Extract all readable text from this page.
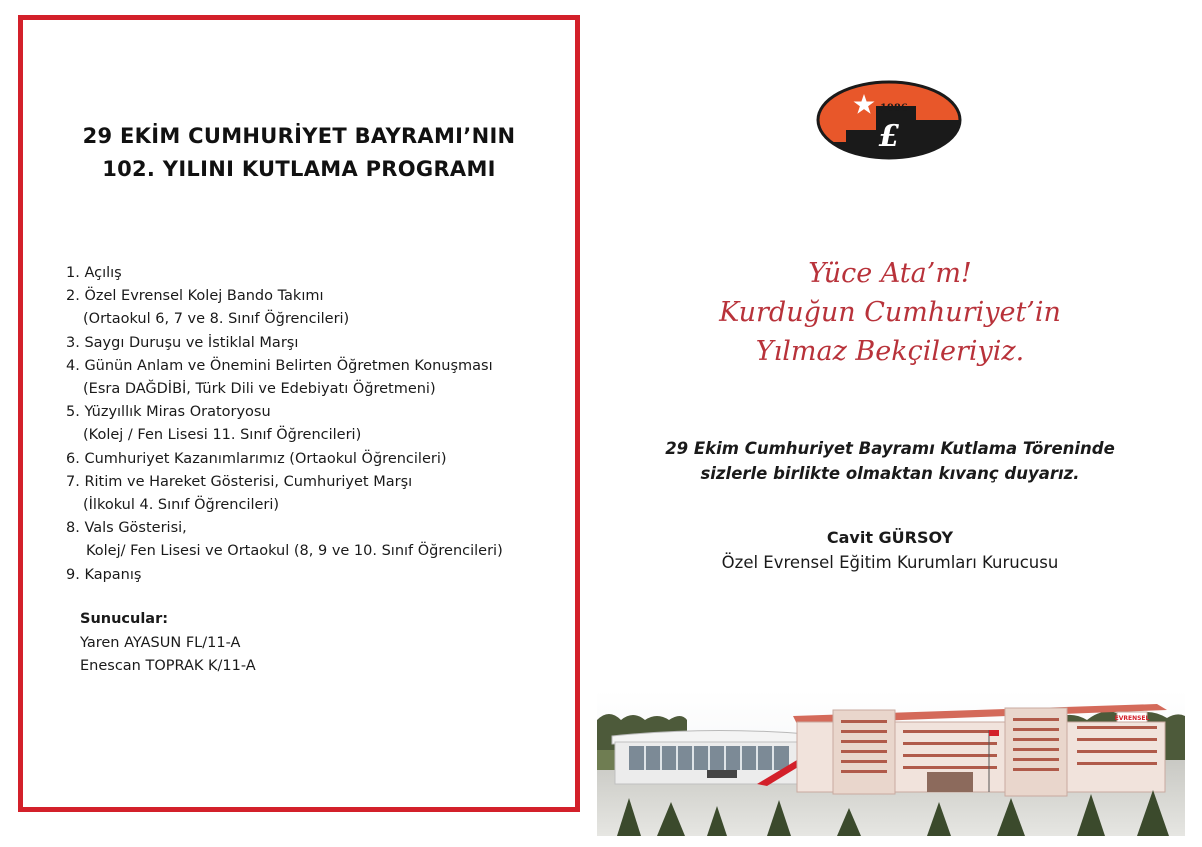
29 EKİM CUMHURİYET BAYRAMI’NIN
102. YILINI KUTLAMA PROGRAMI
1. Açılış
2. Özel Evrensel Kolej Bando Takımı
(Ortaokul 6, 7 ve 8. Sınıf Öğrencileri)
3. Saygı Duruşu ve İstiklal Marşı
4. Günün Anlam ve Önemini Belirten Öğretmen Konuşması
(Esra DAĞDİBİ, Türk Dili ve Edebiyatı Öğretmeni)
5. Yüzyıllık Miras Oratoryosu
(Kolej / Fen Lisesi 11. Sınıf Öğrencileri)
6. Cumhuriyet Kazanımlarımız (Ortaokul Öğrencileri)
7. Ritim ve Hareket Gösterisi, Cumhuriyet Marşı
(İlkokul 4. Sınıf Öğrencileri)
8. Vals Gösterisi,
Kolej/ Fen Lisesi ve Ortaokul (8, 9 ve 10. Sınıf Öğrencileri)
9. Kapanış
Sunucular:
Yaren AYASUN FL/11-A
Enescan TOPRAK K/11-A
1986
£
Yüce Ata’m!
Kurduğun Cumhuriyet’in
Yılmaz Bekçileriyiz.
29 Ekim Cumhuriyet Bayramı Kutlama Töreninde
sizlerle birlikte olmaktan kıvanç duyarız.
Cavit GÜRSOY
Özel Evrensel Eğitim Kurumları Kurucusu
EVRENSEL
